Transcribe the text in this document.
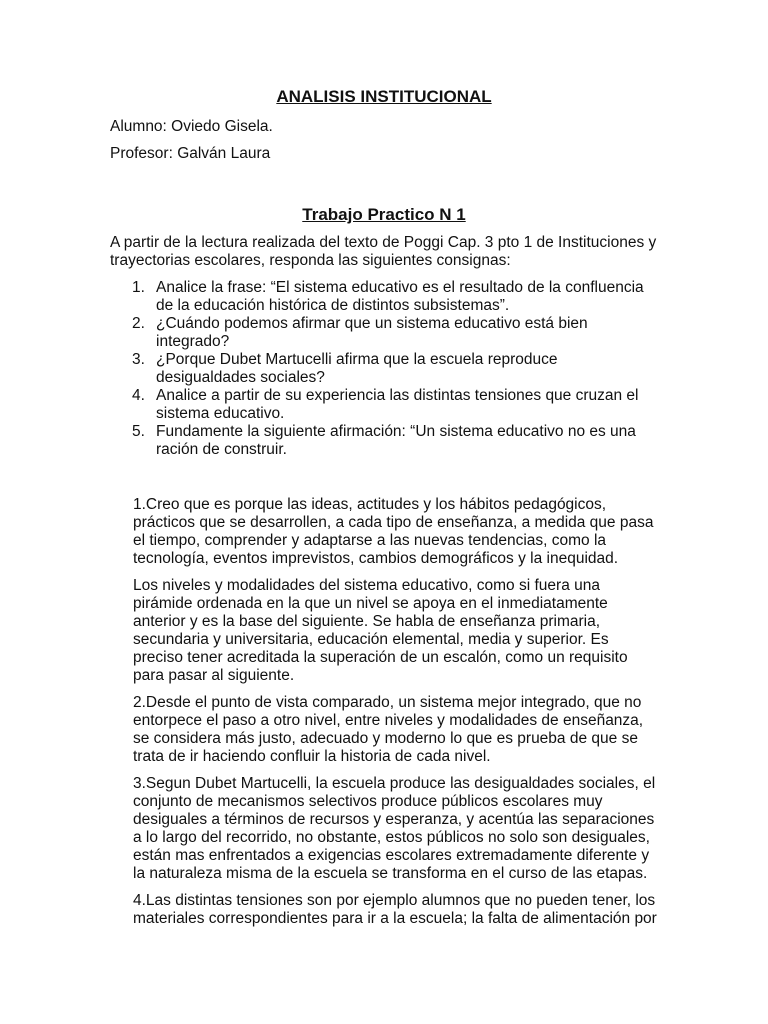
ANALISIS INSTITUCIONAL
Alumno: Oviedo Gisela.
Profesor: Galván Laura
Trabajo Practico N 1
A partir de la lectura realizada del texto de Poggi Cap. 3 pto 1 de Instituciones y
trayectorias escolares, responda las siguientes consignas:
1. Analice la frase: “El sistema educativo es el resultado de la confluencia
de la educación histórica de distintos subsistemas”.
2. ¿Cuándo podemos afirmar que un sistema educativo está bien
integrado?
3. ¿Porque Dubet Martucelli afirma que la escuela reproduce
desigualdades sociales?
4. Analice a partir de su experiencia las distintas tensiones que cruzan el
sistema educativo.
5. Fundamente la siguiente afirmación: “Un sistema educativo no es una
ración de construir.

1.Creo que es porque las ideas, actitudes y los hábitos pedagógicos,
prácticos que se desarrollen, a cada tipo de enseñanza, a medida que pasa
el tiempo, comprender y adaptarse a las nuevas tendencias, como la
tecnología, eventos imprevistos, cambios demográficos y la inequidad.

Los niveles y modalidades del sistema educativo, como si fuera una
pirámide ordenada en la que un nivel se apoya en el inmediatamente
anterior y es la base del siguiente. Se habla de enseñanza primaria,
secundaria y universitaria, educación elemental, media y superior. Es
preciso tener acreditada la superación de un escalón, como un requisito
para pasar al siguiente.

2.Desde el punto de vista comparado, un sistema mejor integrado, que no
entorpece el paso a otro nivel, entre niveles y modalidades de enseñanza,
se considera más justo, adecuado y moderno lo que es prueba de que se
trata de ir haciendo confluir la historia de cada nivel.

3.Segun Dubet Martucelli, la escuela produce las desigualdades sociales, el
conjunto de mecanismos selectivos produce públicos escolares muy
desiguales a términos de recursos y esperanza, y acentúa las separaciones
a lo largo del recorrido, no obstante, estos públicos no solo son desiguales,
están mas enfrentados a exigencias escolares extremadamente diferente y
la naturaleza misma de la escuela se transforma en el curso de las etapas.

4.Las distintas tensiones son por ejemplo alumnos que no pueden tener, los
materiales correspondientes para ir a la escuela; la falta de alimentación por
